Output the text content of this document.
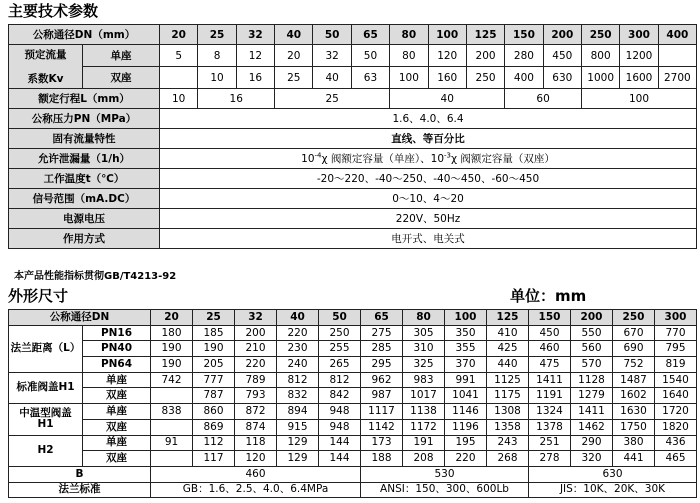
主要技术参数
公称通径DN（mm）		20	25	32	40	50	65	80	100	125	150	200	250	300	400
预定流量

系数Kv	单座	5	8	12	20	32	50	80	120	200	280	450	800	1200	
	双座		10	16	25	40	63	100	160	250	400	630	1000	1600	2700
额定行程L（mm）		10	16		25			40			60		100		
公称压力PN（MPa）		1.6、4.0、6.4													
固有流量特性		直线、等百分比													
允许泄漏量（1/h）		$10^{-4}\chi$ 阀额定容量（单座）、$10^{-3}\chi$ 阀额定容量（双座）													
工作温度t（℃）		-20～220、-40～250、-40～450、-60～450													
信号范围（mA.DC）		0～10、4～20													
电源电压		220V、50Hz													
作用方式		电开式、电关式													
本产品性能指标贯彻GB/T4213-92
外形尺寸	单位：mm
公称通径DN		20	25	32	40	50	65	80	100	125	150	200	250	300
法兰距离（L）	PN16	180	185	200	220	250	275	305	350	410	450	550	670	770
	PN40	190	190	210	230	255	285	310	355	425	460	560	690	795
	PN64	190	205	220	240	265	295	325	370	440	475	570	752	819
标准阀盖H1	单座	742	777	789	812	812	962	983	991	1125	1411	1128	1487	1540
	双座		787	793	832	842	987	1017	1041	1175	1191	1279	1602	1640
中温型阀盖
H1	单座	838	860	872	894	948	1117	1138	1146	1308	1324	1411	1630	1720
	双座		869	874	915	948	1142	1172	1196	1358	1378	1462	1750	1820
H2	单座	91	112	118	129	144	173	191	195	243	251	290	380	436
	双座		117	120	129	144	188	208	220	268	278	320	441	465
B		460					530				630			
法兰标准		GB：1.6、2.5、4.0、6.4MPa					ANSI：150、300、600Lb				JIS：10K、20K、30K			
